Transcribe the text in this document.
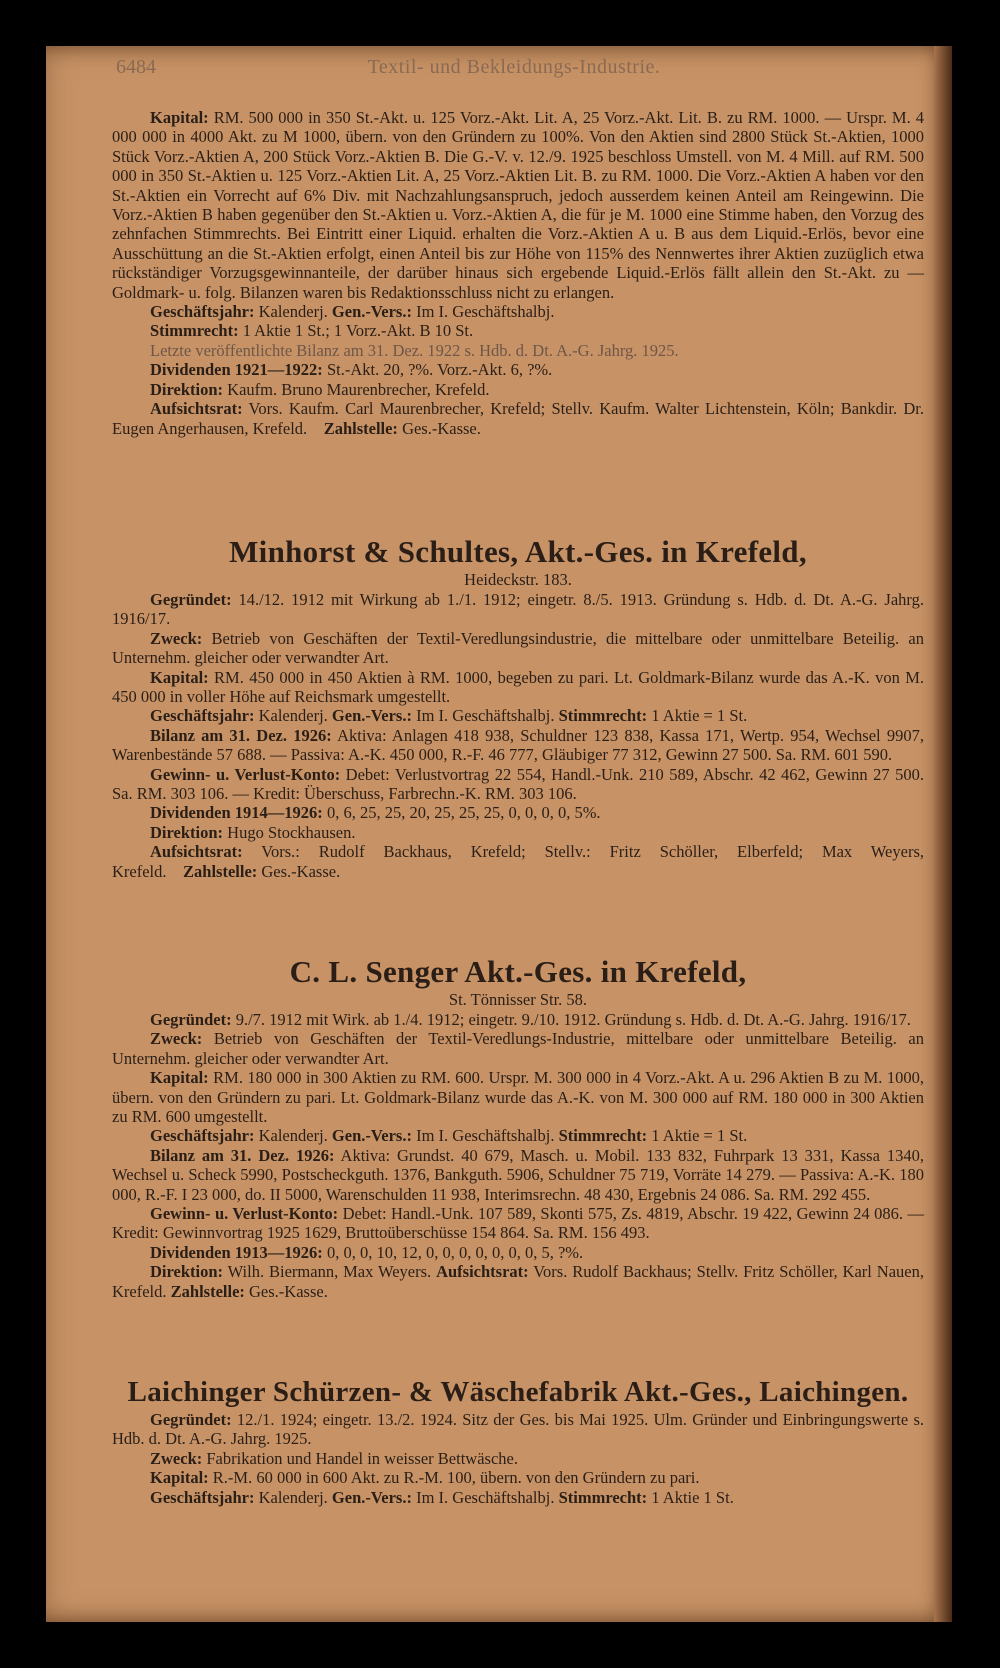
6484	Textil- und Bekleidungs-Industrie.

Kapital: RM. 500 000 in 350 St.-Akt. u. 125 Vorz.-Akt. Lit. A, 25 Vorz.-Akt. Lit. B. zu RM. 1000. — Urspr. M. 4 000 000 in 4000 Akt. zu M 1000, übern. von den Gründern zu 100%. Von den Aktien sind 2800 Stück St.-Aktien, 1000 Stück Vorz.-Aktien A, 200 Stück Vorz.-Aktien B. Die G.-V. v. 12./9. 1925 beschloss Umstell. von M. 4 Mill. auf RM. 500 000 in 350 St.-Aktien u. 125 Vorz.-Aktien Lit. A, 25 Vorz.-Aktien Lit. B. zu RM. 1000. Die Vorz.-Aktien A haben vor den St.-Aktien ein Vorrecht auf 6% Div. mit Nachzahlungsanspruch, jedoch ausserdem keinen Anteil am Reingewinn. Die Vorz.-Aktien B haben gegenüber den St.-Aktien u. Vorz.-Aktien A, die für je M. 1000 eine Stimme haben, den Vorzug des zehnfachen Stimmrechts. Bei Eintritt einer Liquid. erhalten die Vorz.-Aktien A u. B aus dem Liquid.-Erlös, bevor eine Ausschüttung an die St.-Aktien erfolgt, einen Anteil bis zur Höhe von 115% des Nennwertes ihrer Aktien zuzüglich etwa rückständiger Vorzugsgewinnanteile, der darüber hinaus sich ergebende Liquid.-Erlös fällt allein den St.-Akt. zu — Goldmark- u. folg. Bilanzen waren bis Redaktionsschluss nicht zu erlangen.

Geschäftsjahr: Kalenderj. Gen.-Vers.: Im I. Geschäftshalbj.

Stimmrecht: 1 Aktie 1 St.; 1 Vorz.-Akt. B 10 St.

Letzte veröffentlichte Bilanz am 31. Dez. 1922 s. Hdb. d. Dt. A.-G. Jahrg. 1925.

Dividenden 1921—1922: St.-Akt. 20, ?%. Vorz.-Akt. 6, ?%.

Direktion: Kaufm. Bruno Maurenbrecher, Krefeld.

Aufsichtsrat: Vors. Kaufm. Carl Maurenbrecher, Krefeld; Stellv. Kaufm. Walter Lichtenstein, Köln; Bankdir. Dr. Eugen Angerhausen, Krefeld. Zahlstelle: Ges.-Kasse.

Minhorst & Schultes, Akt.-Ges. in Krefeld,

Heideckstr. 183.

Gegründet: 14./12. 1912 mit Wirkung ab 1./1. 1912; eingetr. 8./5. 1913. Gründung s. Hdb. d. Dt. A.-G. Jahrg. 1916/17.

Zweck: Betrieb von Geschäften der Textil-Veredlungsindustrie, die mittelbare oder unmittelbare Beteilig. an Unternehm. gleicher oder verwandter Art.

Kapital: RM. 450 000 in 450 Aktien à RM. 1000, begeben zu pari. Lt. Goldmark-Bilanz wurde das A.-K. von M. 450 000 in voller Höhe auf Reichsmark umgestellt.

Geschäftsjahr: Kalenderj. Gen.-Vers.: Im I. Geschäftshalbj. Stimmrecht: 1 Aktie = 1 St.

Bilanz am 31. Dez. 1926: Aktiva: Anlagen 418 938, Schuldner 123 838, Kassa 171, Wertp. 954, Wechsel 9907, Warenbestände 57 688. — Passiva: A.-K. 450 000, R.-F. 46 777, Gläubiger 77 312, Gewinn 27 500. Sa. RM. 601 590.

Gewinn- u. Verlust-Konto: Debet: Verlustvortrag 22 554, Handl.-Unk. 210 589, Abschr. 42 462, Gewinn 27 500. Sa. RM. 303 106. — Kredit: Überschuss, Farbrechn.-K. RM. 303 106.

Dividenden 1914—1926: 0, 6, 25, 25, 20, 25, 25, 25, 0, 0, 0, 0, 5%.

Direktion: Hugo Stockhausen.

Aufsichtsrat: Vors.: Rudolf Backhaus, Krefeld; Stellv.: Fritz Schöller, Elberfeld; Max Weyers, Krefeld. Zahlstelle: Ges.-Kasse.

C. L. Senger Akt.-Ges. in Krefeld,

St. Tönnisser Str. 58.

Gegründet: 9./7. 1912 mit Wirk. ab 1./4. 1912; eingetr. 9./10. 1912. Gründung s. Hdb. d. Dt. A.-G. Jahrg. 1916/17.

Zweck: Betrieb von Geschäften der Textil-Veredlungs-Industrie, mittelbare oder unmittelbare Beteilig. an Unternehm. gleicher oder verwandter Art.

Kapital: RM. 180 000 in 300 Aktien zu RM. 600. Urspr. M. 300 000 in 4 Vorz.-Akt. A u. 296 Aktien B zu M. 1000, übern. von den Gründern zu pari. Lt. Goldmark-Bilanz wurde das A.-K. von M. 300 000 auf RM. 180 000 in 300 Aktien zu RM. 600 umgestellt.

Geschäftsjahr: Kalenderj. Gen.-Vers.: Im I. Geschäftshalbj. Stimmrecht: 1 Aktie = 1 St.

Bilanz am 31. Dez. 1926: Aktiva: Grundst. 40 679, Masch. u. Mobil. 133 832, Fuhrpark 13 331, Kassa 1340, Wechsel u. Scheck 5990, Postscheckguth. 1376, Bankguth. 5906, Schuldner 75 719, Vorräte 14 279. — Passiva: A.-K. 180 000, R.-F. I 23 000, do. II 5000, Warenschulden 11 938, Interimsrechn. 48 430, Ergebnis 24 086. Sa. RM. 292 455.

Gewinn- u. Verlust-Konto: Debet: Handl.-Unk. 107 589, Skonti 575, Zs. 4819, Abschr. 19 422, Gewinn 24 086. — Kredit: Gewinnvortrag 1925 1629, Bruttoüberschüsse 154 864. Sa. RM. 156 493.

Dividenden 1913—1926: 0, 0, 0, 10, 12, 0, 0, 0, 0, 0, 0, 0, 5, ?%.

Direktion: Wilh. Biermann, Max Weyers. Aufsichtsrat: Vors. Rudolf Backhaus; Stellv. Fritz Schöller, Karl Nauen, Krefeld. Zahlstelle: Ges.-Kasse.

Laichinger Schürzen- & Wäschefabrik Akt.-Ges., Laichingen.

Gegründet: 12./1. 1924; eingetr. 13./2. 1924. Sitz der Ges. bis Mai 1925. Ulm. Gründer und Einbringungswerte s. Hdb. d. Dt. A.-G. Jahrg. 1925.

Zweck: Fabrikation und Handel in weisser Bettwäsche.

Kapital: R.-M. 60 000 in 600 Akt. zu R.-M. 100, übern. von den Gründern zu pari.

Geschäftsjahr: Kalenderj. Gen.-Vers.: Im I. Geschäftshalbj. Stimmrecht: 1 Aktie 1 St.
